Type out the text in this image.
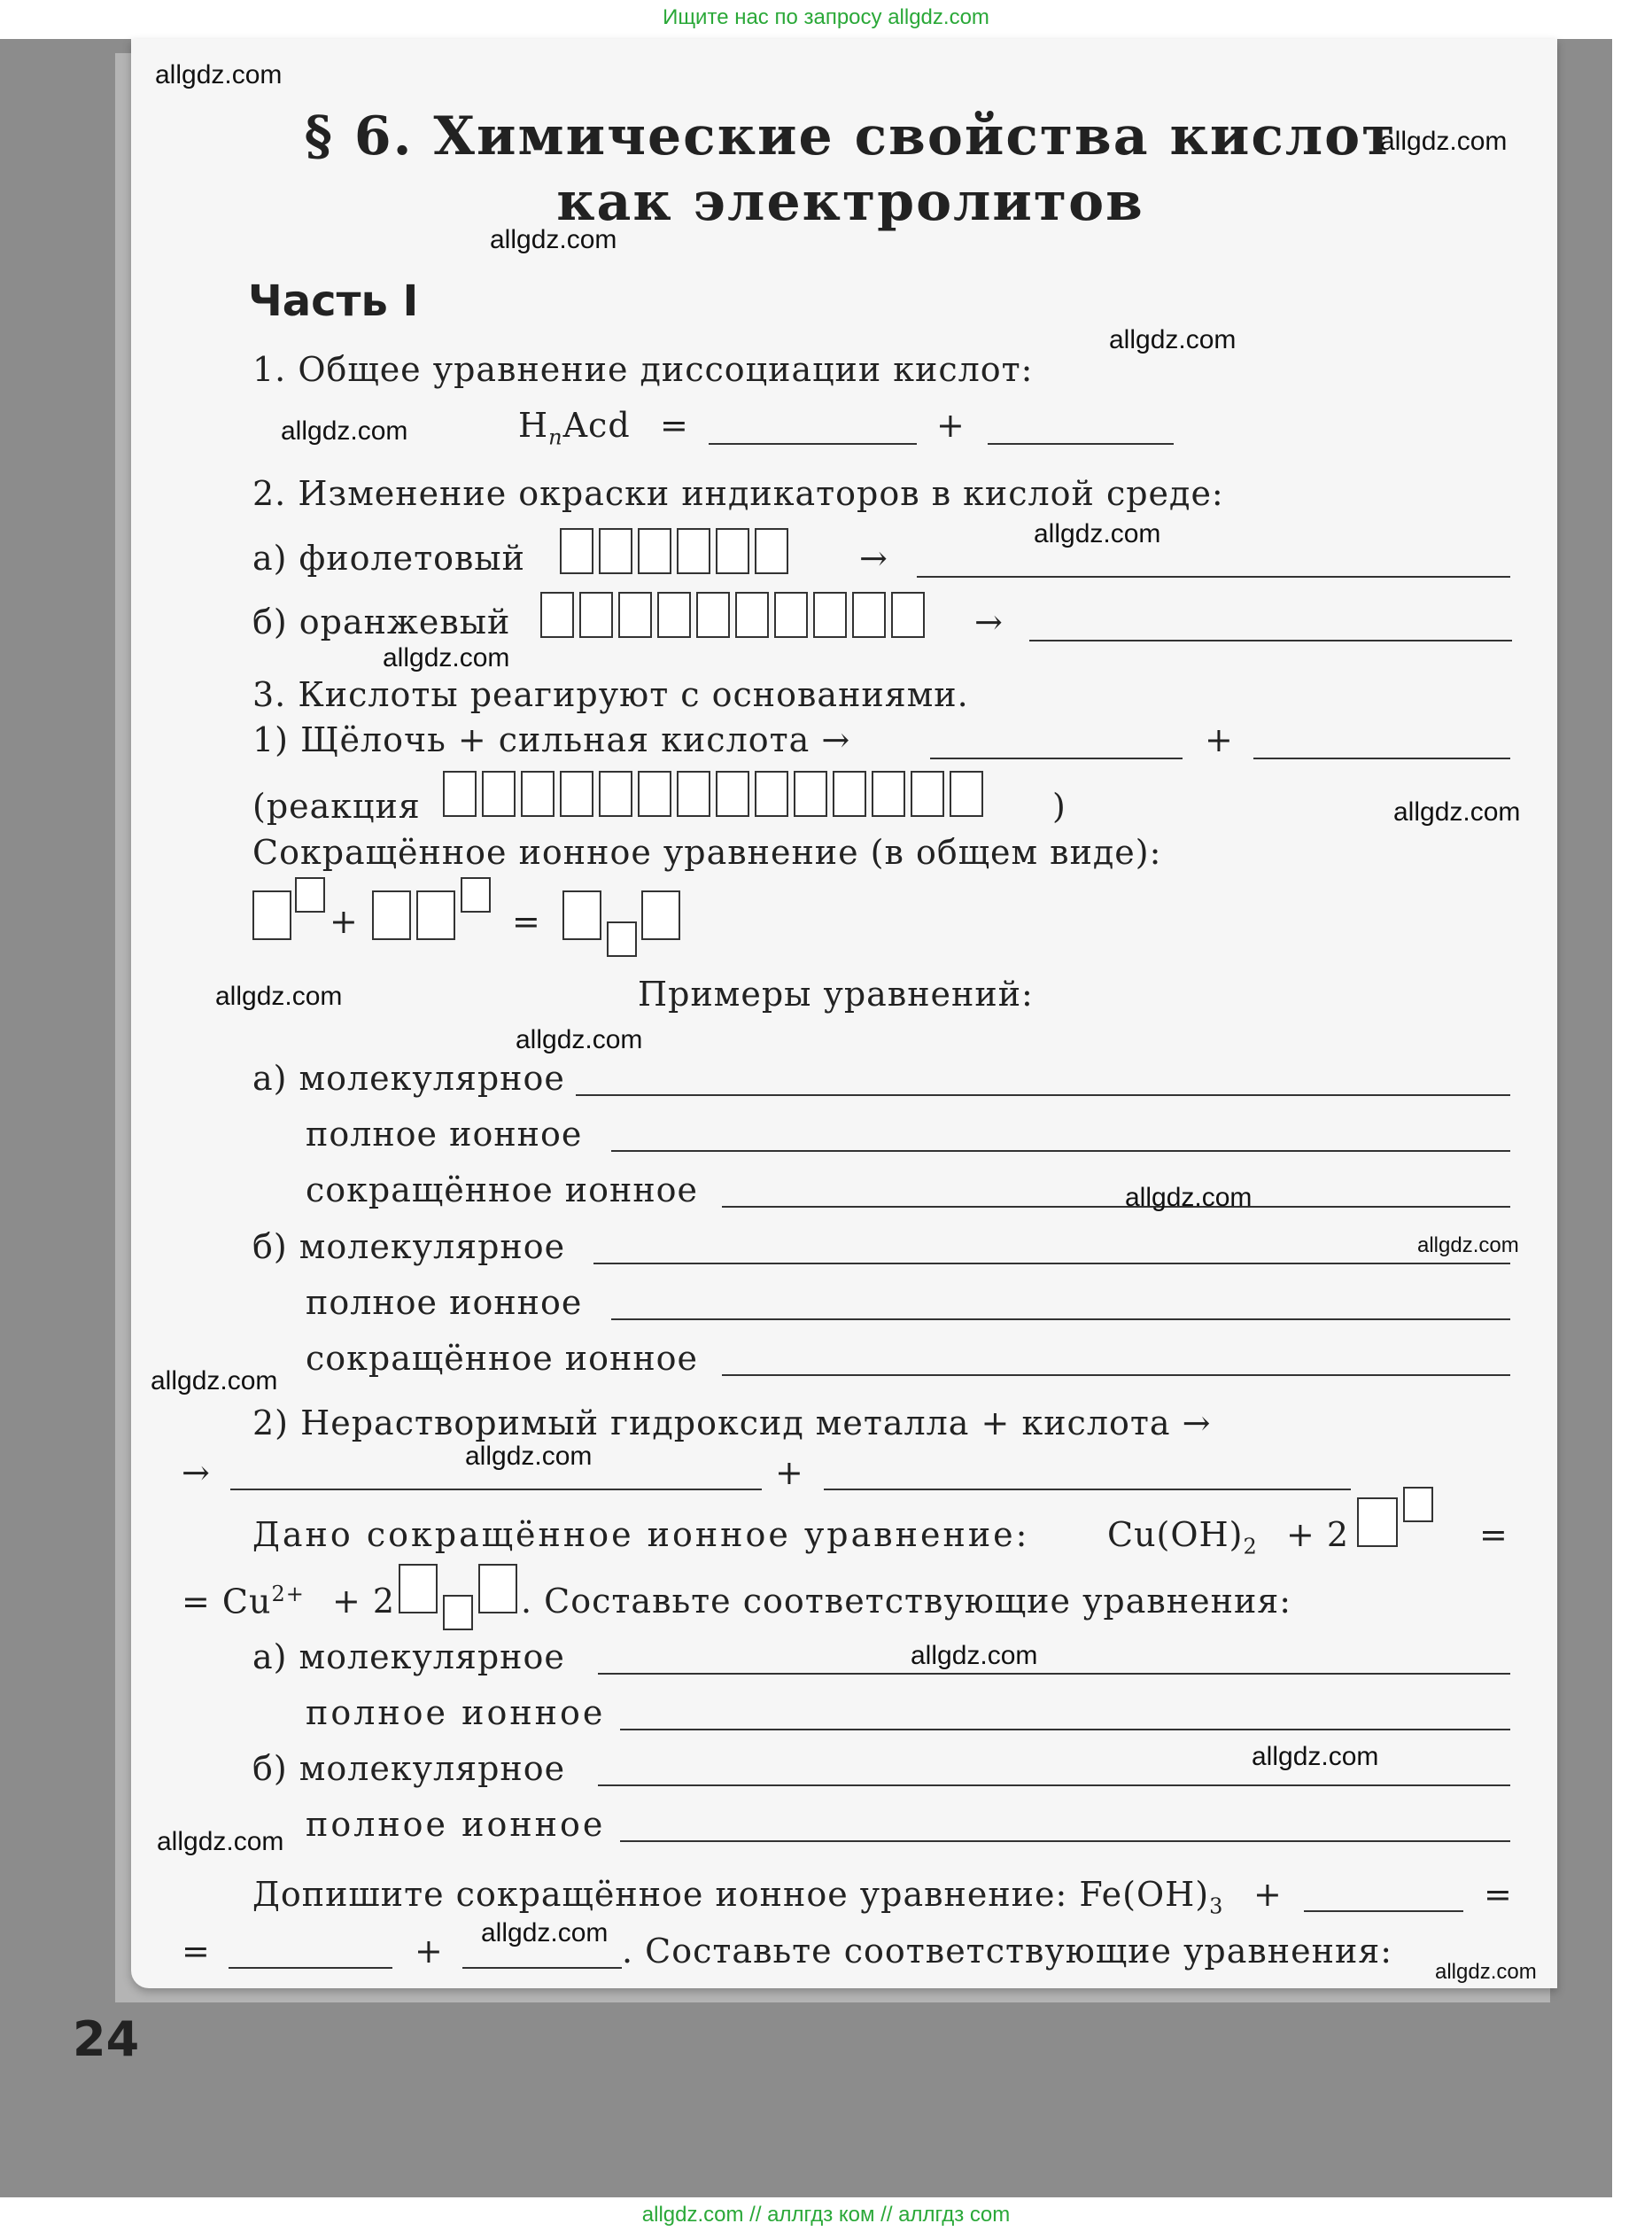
Ищите нас по запросу allgdz.com
§ 6. Химические свойства кислот
как электролитов
Часть I
1. Общее уравнение диссоциации кислот:
$H_nAcd$ =	+
2. Изменение окраски индикаторов в кислой среде:
а) фиолетовый	→
б) оранжевый	→
3. Кислоты реагируют с основаниями.
1) Щёлочь + сильная кислота →	+
(реакция	)
Сокращённое ионное уравнение (в общем виде):
+	=
Примеры уравнений:
а) молекулярное
полное ионное
сокращённое ионное
б) молекулярное
полное ионное
сокращённое ионное
2) Нерастворимый гидроксид металла + кислота →
→	+
Дано сокращённое ионное уравнение: $Cu(OH)_2 + 2$	=
= $Cu^{2+} + 2$	. Составьте соответствующие уравнения:
а) молекулярное
полное ионное
б) молекулярное
полное ионное
Допишите сокращённое ионное уравнение: $Fe(OH)_3$ +	=
=	+	. Составьте соответствующие уравнения:
24
allgdz.com
allgdz.com
allgdz.com
allgdz.com
allgdz.com
allgdz.com
allgdz.com
allgdz.com
allgdz.com
allgdz.com
allgdz.com
allgdz.com
allgdz.com
allgdz.com
allgdz.com
allgdz.com
allgdz.com
allgdz.com
allgdz.com
allgdz.com // аллгдз ком // аллгдз com
